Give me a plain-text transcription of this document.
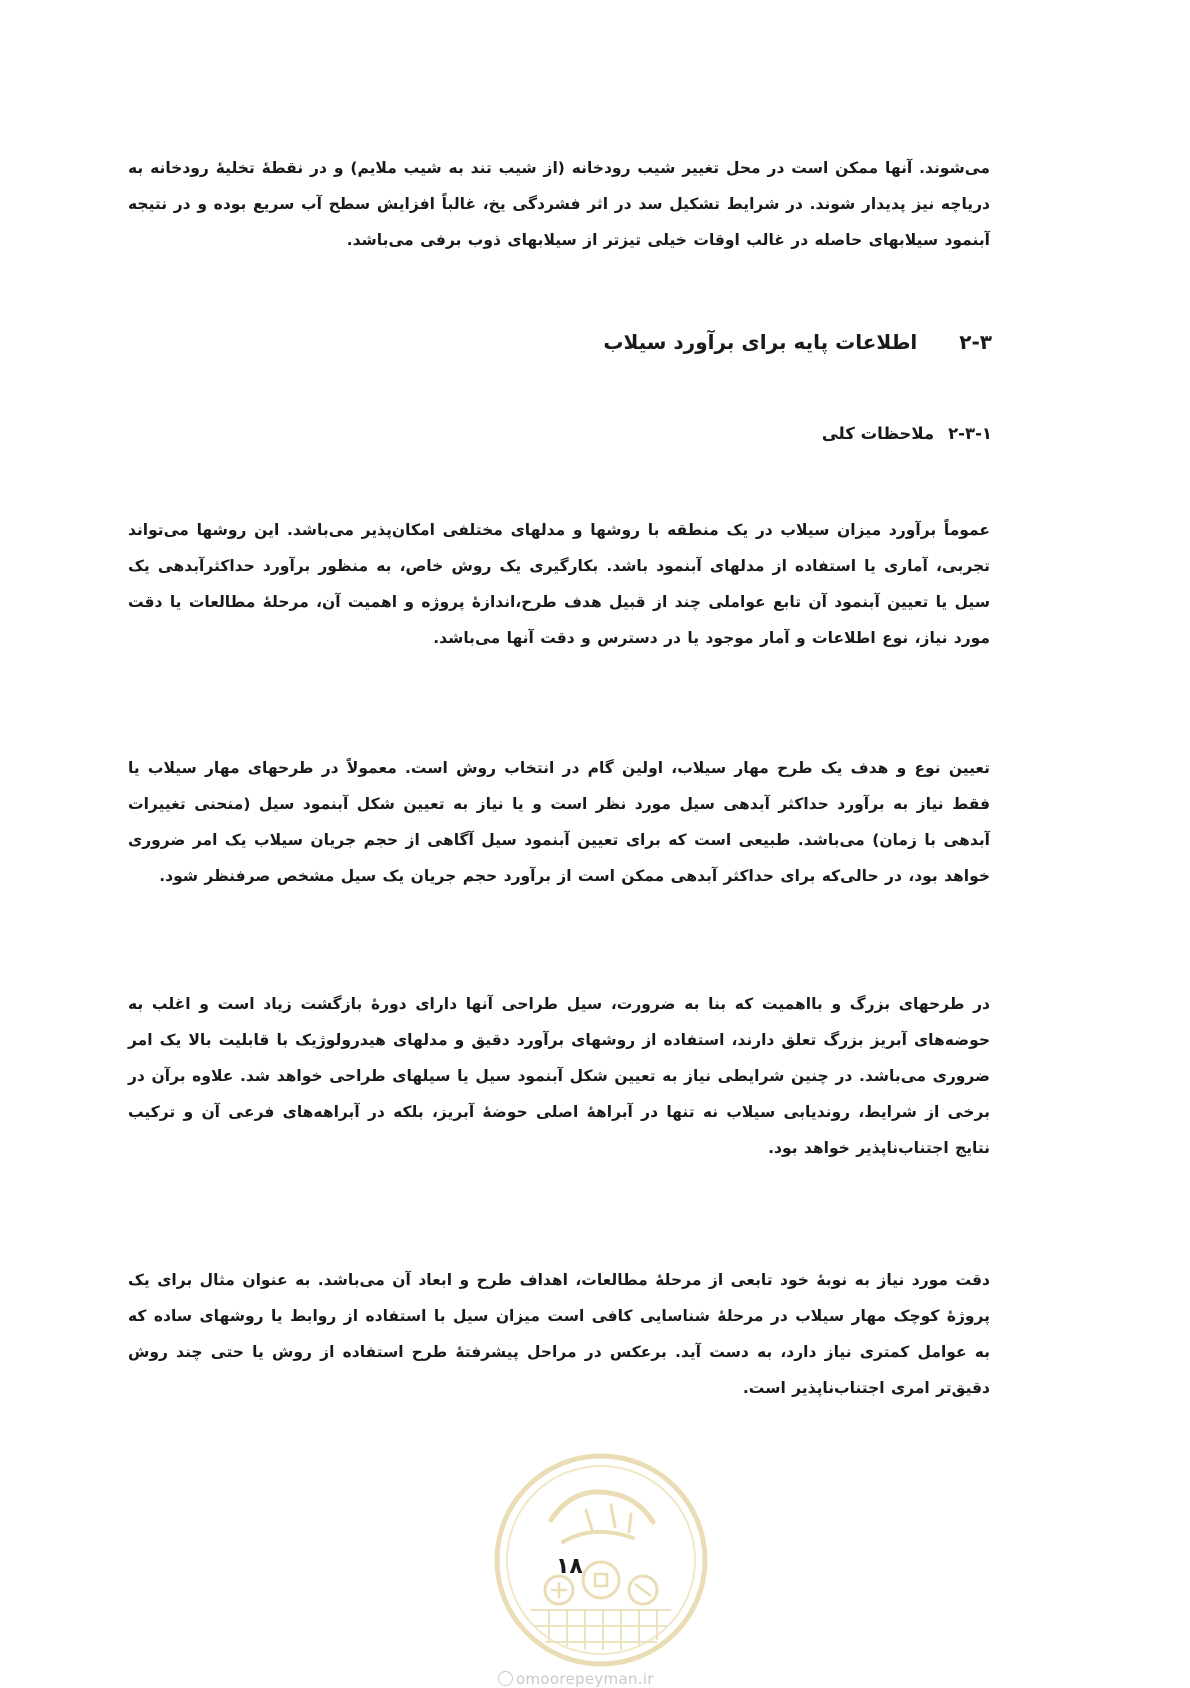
می‌شوند. آنها ممکن است در محل تغییر شیب رودخانه (از شیب تند به شیب ملایم) و در نقطهٔ تخلیهٔ رودخانه به دریاچه نیز پدیدار شوند. در شرایط تشکیل سد در اثر فشردگی یخ، غالباً افزایش سطح آب سریع بوده و در نتیجه آبنمود سیلابهای حاصله در غالب اوقات خیلی تیزتر از سیلابهای ذوب برفی می‌باشد.
۲-۳اطلاعات پایه برای برآورد سیلاب
۲-۳-۱ملاحظات کلی
عموماً برآورد میزان سیلاب در یک منطقه با روشها و مدلهای مختلفی امکان‌پذیر می‌باشد. این روشها می‌تواند تجربی، آماری یا استفاده از مدلهای آبنمود باشد. بکارگیری یک روش خاص، به منظور برآورد حداکثرآبدهی یک سیل یا تعیین آبنمود آن تابع عواملی چند از قبیل هدف طرح،اندازهٔ پروژه و اهمیت آن، مرحلهٔ مطالعات یا دقت مورد نیاز، نوع اطلاعات و آمار موجود یا در دسترس و دقت آنها می‌باشد.
تعیین نوع و هدف یک طرح مهار سیلاب، اولین گام در انتخاب روش است. معمولاً در طرحهای مهار سیلاب یا فقط نیاز به برآورد حداکثر آبدهی سیل مورد نظر است و یا نیاز به تعیین شکل آبنمود سیل (منحنی تغییرات آبدهی با زمان) می‌باشد. طبیعی است که برای تعیین آبنمود سیل آگاهی از حجم جریان سیلاب یک امر ضروری خواهد بود، در حالی‌که برای حداکثر آبدهی ممکن است از برآورد حجم جریان یک سیل مشخص صرفنظر شود.
در طرحهای بزرگ و بااهمیت که بنا به ضرورت، سیل طراحی آنها دارای دورهٔ بازگشت زیاد است و اغلب به حوضه‌های آبریز بزرگ تعلق دارند، استفاده از روشهای برآورد دقیق و مدلهای هیدرولوژیک با قابلیت بالا یک امر ضروری می‌باشد. در چنین شرایطی نیاز به تعیین شکل آبنمود سیل یا سیلهای طراحی خواهد شد. علاوه برآن در برخی از شرایط، روندیابی سیلاب نه تنها در آبراههٔ اصلی حوضهٔ آبریز، بلکه در آبراهه‌های فرعی آن و ترکیب نتایج اجتناب‌ناپذیر خواهد بود.
دقت مورد نیاز به نوبهٔ خود تابعی از مرحلهٔ مطالعات، اهداف طرح و ابعاد آن می‌باشد. به عنوان مثال برای یک پروژهٔ کوچک مهار سیلاب در مرحلهٔ شناسایی کافی است میزان سیل با استفاده از روابط یا روشهای ساده که به عوامل کمتری نیاز دارد، به دست آید. برعکس در مراحل پیشرفتهٔ طرح استفاده از روش یا حتی چند روش دقیق‌تر امری اجتناب‌ناپذیر است.
۱۸
omoorepeyman.ir
